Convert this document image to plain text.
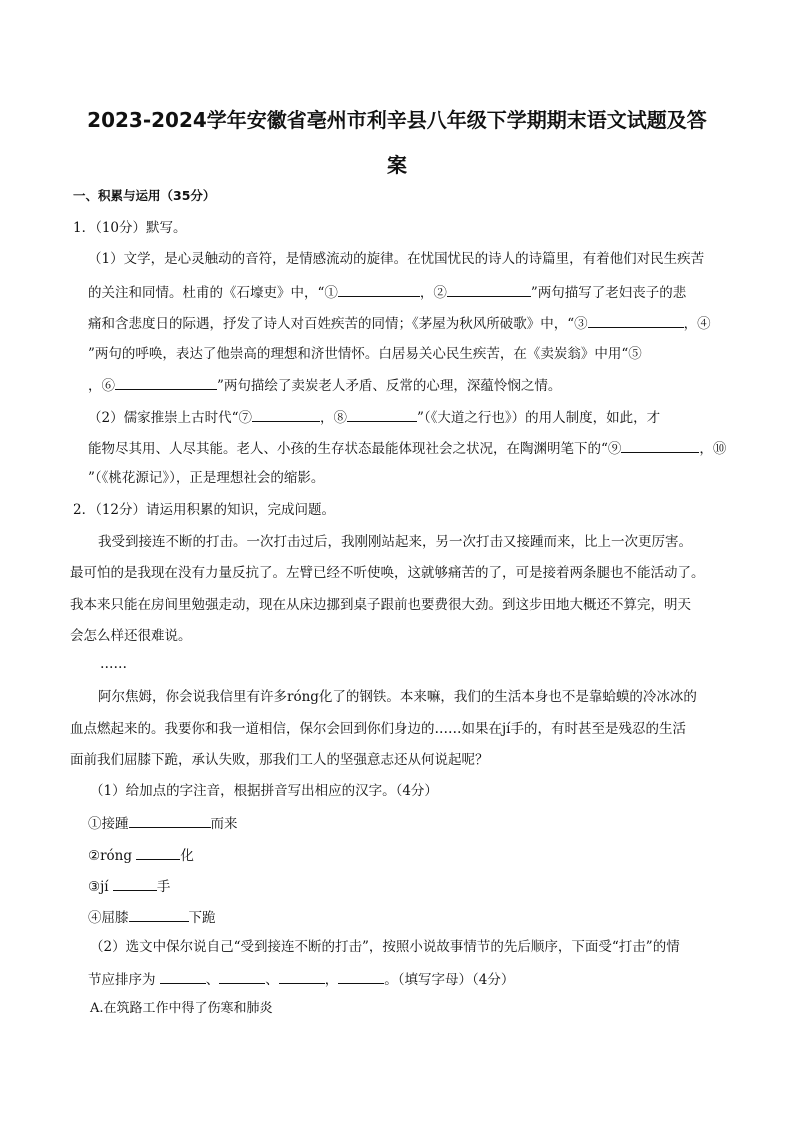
2023-2024学年安徽省亳州市利辛县八年级下学期期末语文试题及答
案
一、积累与运用（35分）
1．（10分）默写。
（1）文学，是心灵触动的音符，是情感流动的旋律。在忧国忧民的诗人的诗篇里，有着他们对民生疾苦
的关注和同情。杜甫的《石壕吏》中，“①	，②	”两句描写了老妇丧子的悲
痛和含悲度日的际遇，抒发了诗人对百姓疾苦的同情；《茅屋为秋风所破歌》中，“③	，④
”两句的呼唤，表达了他崇高的理想和济世情怀。白居易关心民生疾苦，在《卖炭翁》中用“⑤
，⑥	”两句描绘了卖炭老人矛盾、反常的心理，深蕴怜悯之情。
（2）儒家推崇上古时代“⑦	，⑧	”（《大道之行也》）的用人制度，如此，才
能物尽其用、人尽其能。老人、小孩的生存状态最能体现社会之状况，在陶渊明笔下的“⑨	，⑩
”（《桃花源记》），正是理想社会的缩影。
2．（12分）请运用积累的知识，完成问题。
我受到接连不断的打击。一次打击过后，我刚刚站起来，另一次打击又接踵而来，比上一次更厉害。
最可怕的是我现在没有力量反抗了。左臂已经不听使唤，这就够痛苦的了，可是接着两条腿也不能活动了。
我本来只能在房间里勉强走动，现在从床边挪到桌子跟前也要费很大劲。到这步田地大概还不算完，明天
会怎么样还很难说。
……
阿尔焦姆，你会说我信里有许多róng化了的钢铁。本来嘛，我们的生活本身也不是靠蛤蟆的冷冰冰的
血点燃起来的。我要你和我一道相信，保尔会回到你们身边的……如果在jí手的，有时甚至是残忍的生活
面前我们屈膝下跪，承认失败，那我们工人的坚强意志还从何说起呢？
（1）给加点的字注音，根据拼音写出相应的汉字。（4分）
①接踵	而来
②róng	化
③jí	手
④屈膝	下跪
（2）选文中保尔说自己“受到接连不断的打击”，按照小说故事情节的先后顺序，下面受“打击”的情
节应排序为	、	、	，	。（填写字母）（4分）
A.在筑路工作中得了伤寒和肺炎
